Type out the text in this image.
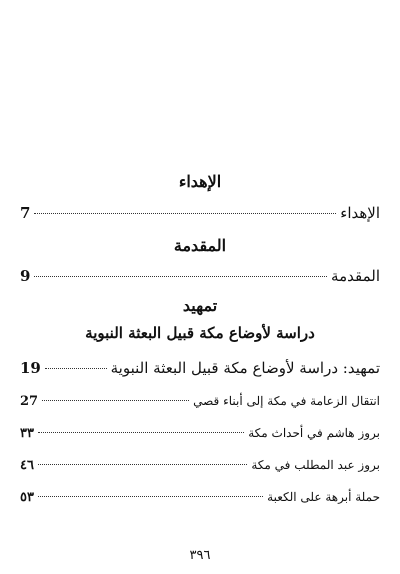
الإهداء
الإهداء
7
المقدمة
المقدمة
9
تمهيد
دراسة لأوضاع مكة قبيل البعثة النبوية
تمهيد: دراسة لأوضاع مكة قبيل البعثة النبوية
19
انتقال الزعامة في مكة إلى أبناء قصي
27
بروز هاشم في أحداث مكة
٣٣
بروز عبد المطلب في مكة
٤٦
حملة أبرهة على الكعبة
٥٣
٣٩٦
